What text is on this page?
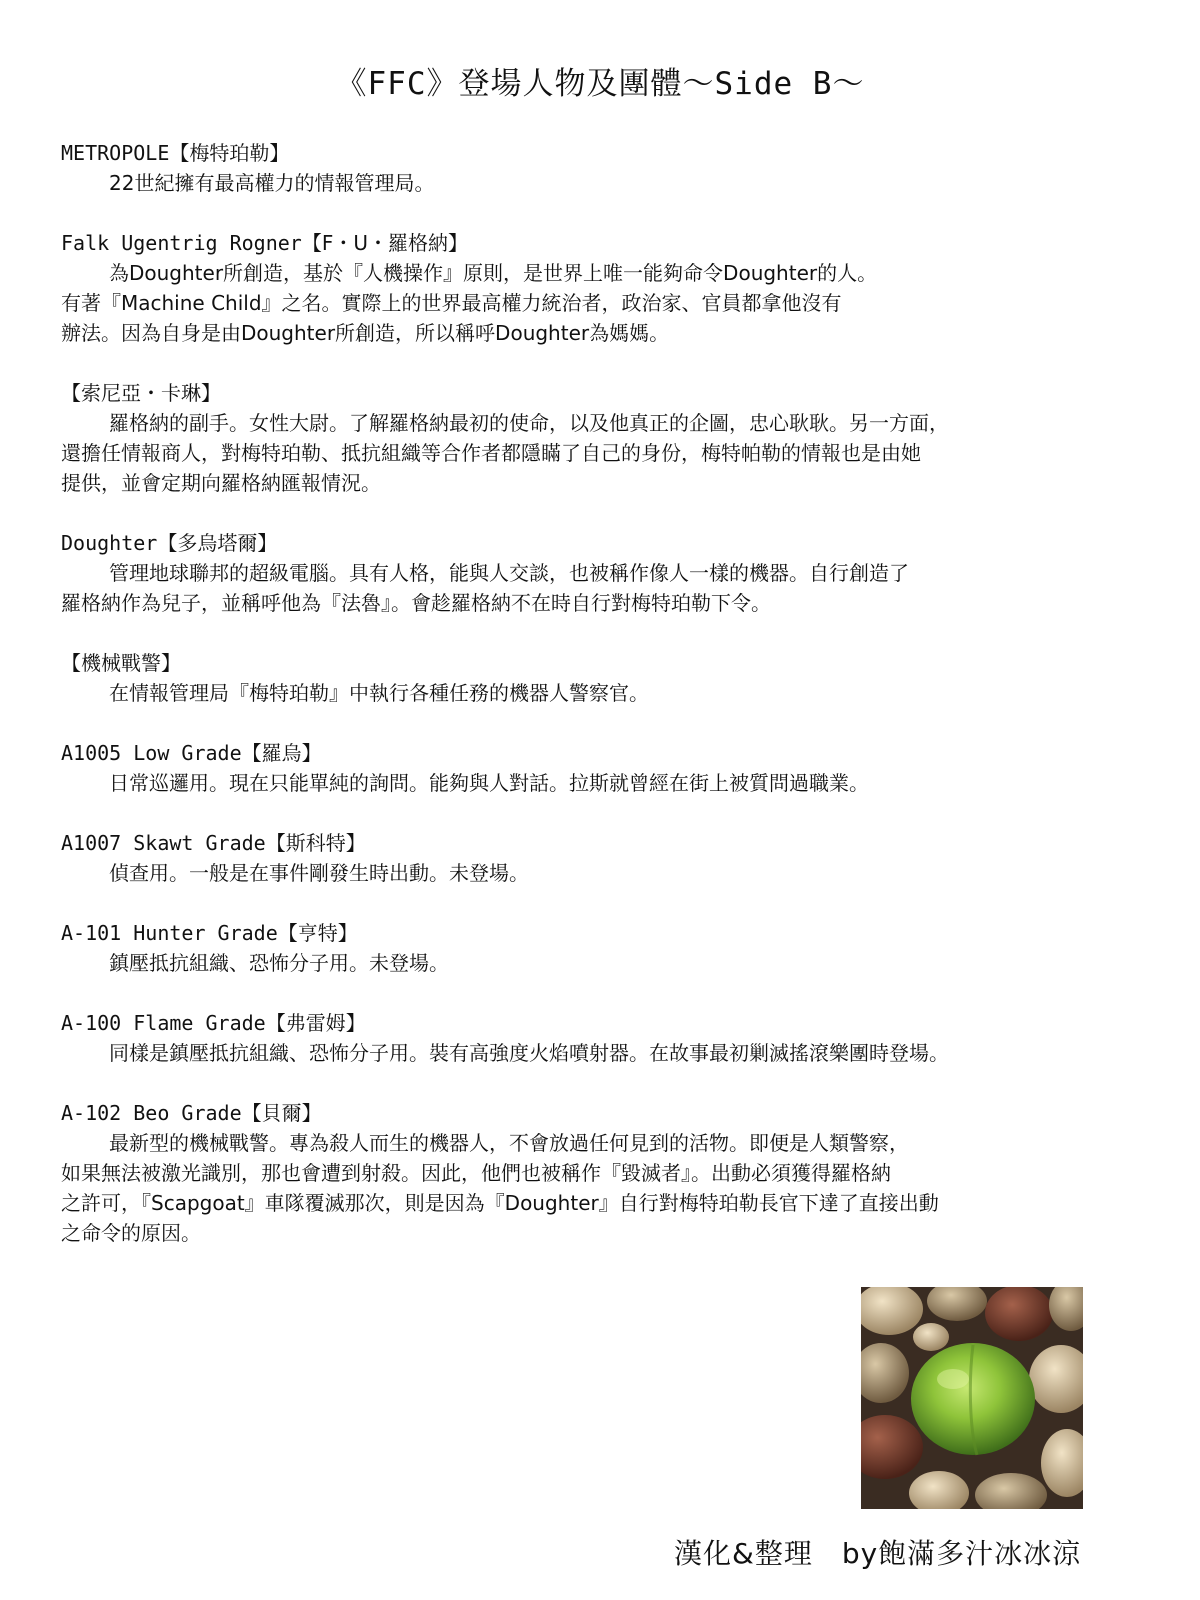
《FFC》登場人物及團體～Side B～
METROPOLE【梅特珀勒】

22世紀擁有最高權力的情報管理局。

Falk Ugentrig Rogner【F・U・羅格納】

為Doughter所創造，基於『人機操作』原則，是世界上唯一能夠命令Doughter的人。

有著『Machine Child』之名。實際上的世界最高權力統治者，政治家、官員都拿他沒有

辦法。因為自身是由Doughter所創造，所以稱呼Doughter為媽媽。

【索尼亞・卡琳】

羅格納的副手。女性大尉。了解羅格納最初的使命，以及他真正的企圖，忠心耿耿。另一方面，

還擔任情報商人，對梅特珀勒、抵抗組織等合作者都隱瞞了自己的身份，梅特帕勒的情報也是由她

提供，並會定期向羅格納匯報情況。

Doughter【多烏塔爾】

管理地球聯邦的超級電腦。具有人格，能與人交談，也被稱作像人一樣的機器。自行創造了

羅格納作為兒子，並稱呼他為『法魯』。會趁羅格納不在時自行對梅特珀勒下令。

【機械戰警】

在情報管理局『梅特珀勒』中執行各種任務的機器人警察官。

A1005 Low Grade【羅烏】

日常巡邏用。現在只能單純的詢問。能夠與人對話。拉斯就曾經在街上被質問過職業。

A1007 Skawt Grade【斯科特】

偵查用。一般是在事件剛發生時出動。未登場。

A-101 Hunter Grade【亨特】

鎮壓抵抗組織、恐怖分子用。未登場。

A-100 Flame Grade【弗雷姆】

同樣是鎮壓抵抗組織、恐怖分子用。裝有高強度火焰噴射器。在故事最初剿滅搖滾樂團時登場。

A-102 Beo Grade【貝爾】

最新型的機械戰警。專為殺人而生的機器人，不會放過任何見到的活物。即便是人類警察，

如果無法被激光識別，那也會遭到射殺。因此，他們也被稱作『毀滅者』。出動必須獲得羅格納

之許可，『Scapgoat』車隊覆滅那次，則是因為『Doughter』自行對梅特珀勒長官下達了直接出動

之命令的原因。

漢化&整理　by飽滿多汁冰冰涼
